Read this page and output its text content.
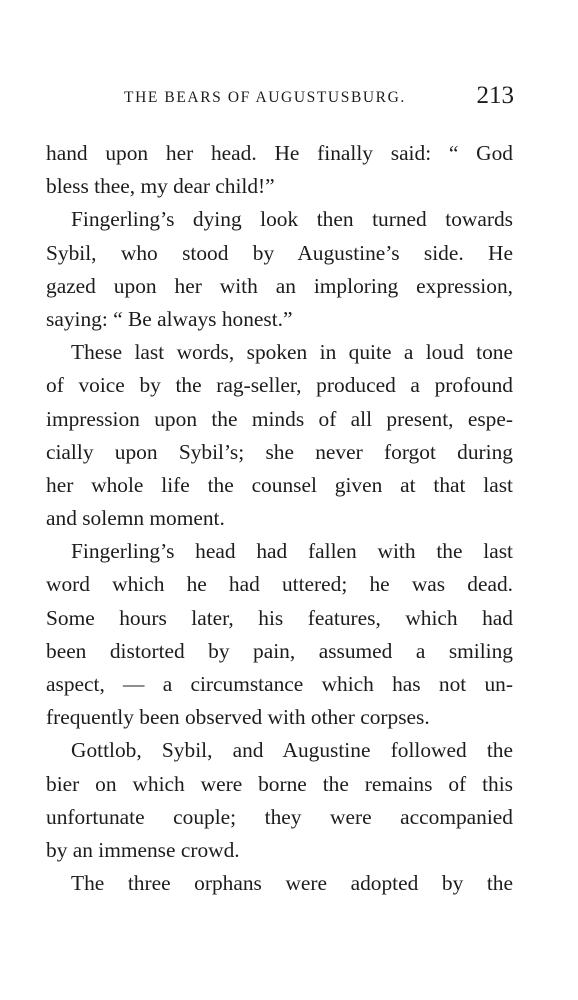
THE BEARS OF AUGUSTUSBURG.	213
hand upon her head. He finally said: “ God
bless thee, my dear child!”
Fingerling’s dying look then turned towards
Sybil, who stood by Augustine’s side. He
gazed upon her with an imploring expression,
saying: “ Be always honest.”
These last words, spoken in quite a loud tone
of voice by the rag-seller, produced a profound
impression upon the minds of all present, espe-
cially upon Sybil’s; she never forgot during
her whole life the counsel given at that last
and solemn moment.
Fingerling’s head had fallen with the last
word which he had uttered; he was dead.
Some hours later, his features, which had
been distorted by pain, assumed a smiling
aspect, — a circumstance which has not un-
frequently been observed with other corpses.
Gottlob, Sybil, and Augustine followed the
bier on which were borne the remains of this
unfortunate couple; they were accompanied
by an immense crowd.
The three orphans were adopted by the
